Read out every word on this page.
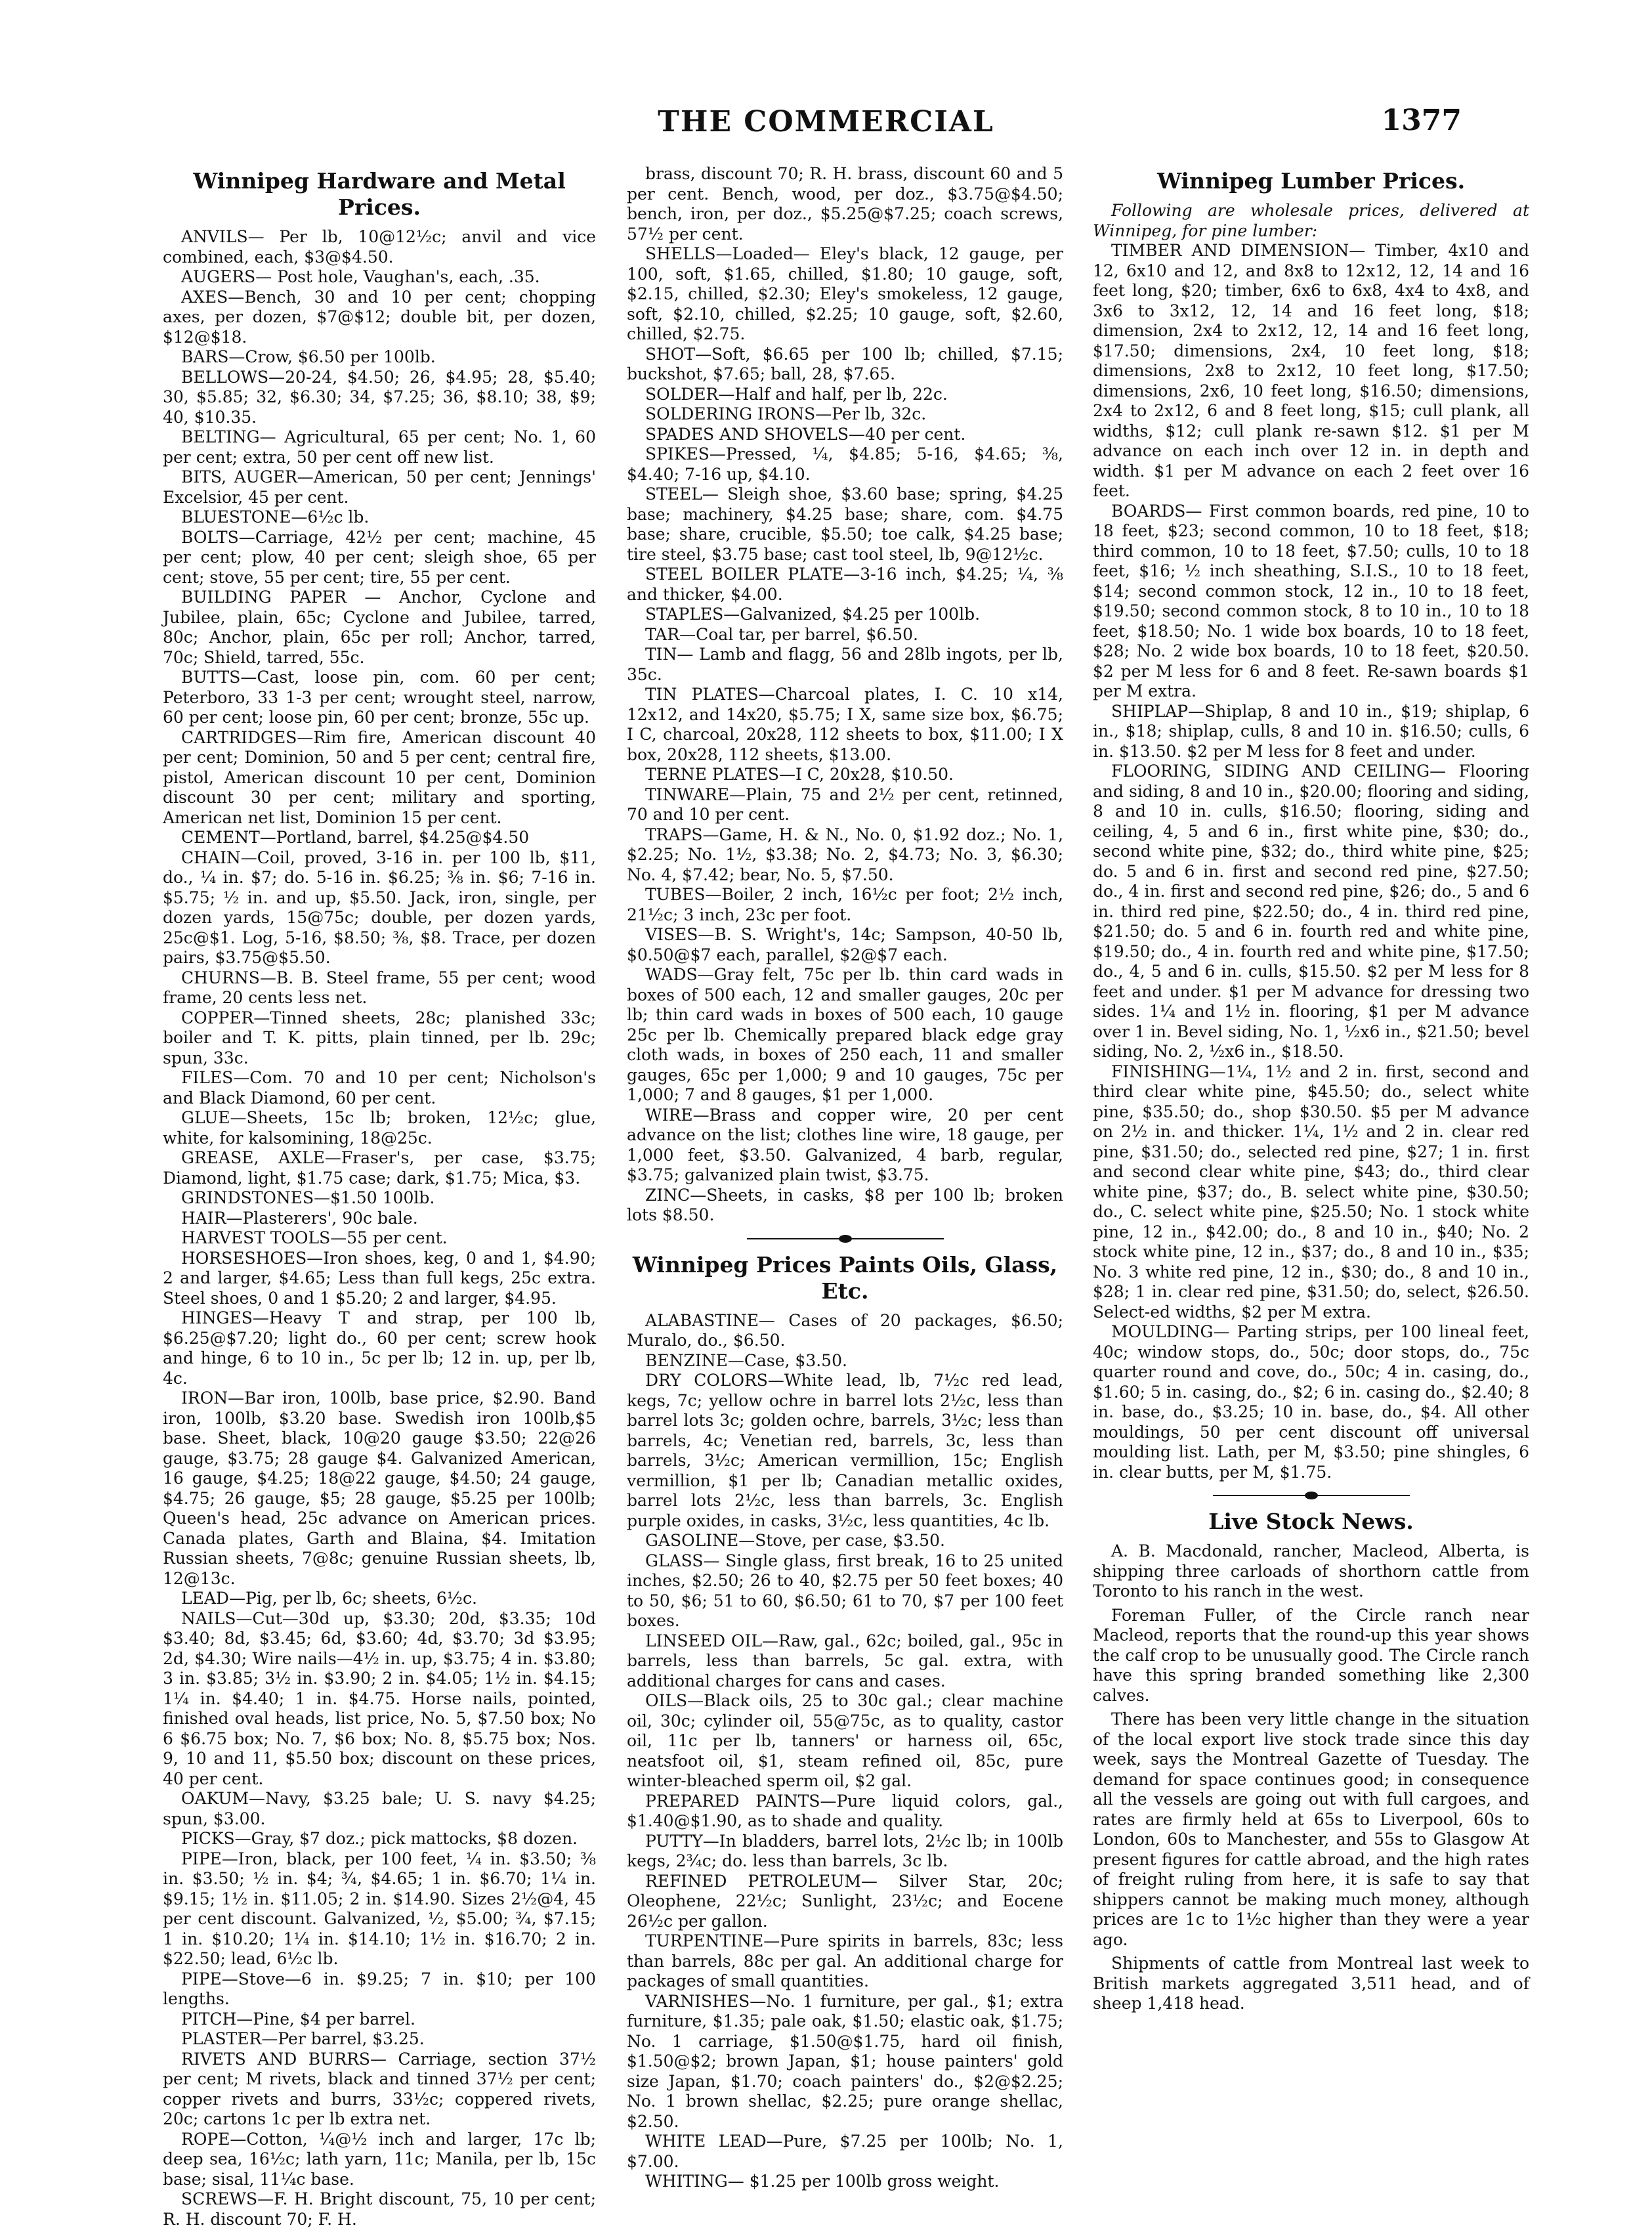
THE COMMERCIAL	1377
Winnipeg Hardware and Metal Prices.

ANVILS— Per lb, 10@12½c; anvil and vice combined, each, $3@$4.50.

AUGERS— Post hole, Vaughan's, each, .35.

AXES—Bench, 30 and 10 per cent; chopping axes, per dozen, $7@$12; double bit, per dozen, $12@$18.

BARS—Crow, $6.50 per 100lb.

BELLOWS—20-24, $4.50; 26, $4.95; 28, $5.40; 30, $5.85; 32, $6.30; 34, $7.25; 36, $8.10; 38, $9; 40, $10.35.

BELTING— Agricultural, 65 per cent; No. 1, 60 per cent; extra, 50 per cent off new list.

BITS, AUGER—American, 50 per cent; Jennings' Excelsior, 45 per cent.

BLUESTONE—6½c lb.

BOLTS—Carriage, 42½ per cent; machine, 45 per cent; plow, 40 per cent; sleigh shoe, 65 per cent; stove, 55 per cent; tire, 55 per cent.

BUILDING PAPER — Anchor, Cyclone and Jubilee, plain, 65c; Cyclone and Jubilee, tarred, 80c; Anchor, plain, 65c per roll; Anchor, tarred, 70c; Shield, tarred, 55c.

BUTTS—Cast, loose pin, com. 60 per cent; Peterboro, 33 1-3 per cent; wrought steel, narrow, 60 per cent; loose pin, 60 per cent; bronze, 55c up.

CARTRIDGES—Rim fire, American discount 40 per cent; Dominion, 50 and 5 per cent; central fire, pistol, American discount 10 per cent, Dominion discount 30 per cent; military and sporting, American net list, Dominion 15 per cent.

CEMENT—Portland, barrel, $4.25@$4.50

CHAIN—Coil, proved, 3-16 in. per 100 lb, $11, do., ¼ in. $7; do. 5-16 in. $6.25; ⅜ in. $6; 7-16 in. $5.75; ½ in. and up, $5.50. Jack, iron, single, per dozen yards, 15@75c; double, per dozen yards, 25c@$1. Log, 5-16, $8.50; ⅜, $8. Trace, per dozen pairs, $3.75@$5.50.

CHURNS—B. B. Steel frame, 55 per cent; wood frame, 20 cents less net.

COPPER—Tinned sheets, 28c; planished 33c; boiler and T. K. pitts, plain tinned, per lb. 29c; spun, 33c.

FILES—Com. 70 and 10 per cent; Nicholson's and Black Diamond, 60 per cent.

GLUE—Sheets, 15c lb; broken, 12½c; glue, white, for kalsomining, 18@25c.

GREASE, AXLE—Fraser's, per case, $3.75; Diamond, light, $1.75 case; dark, $1.75; Mica, $3.

GRINDSTONES—$1.50 100lb.

HAIR—Plasterers', 90c bale.

HARVEST TOOLS—55 per cent.

HORSESHOES—Iron shoes, keg, 0 and 1, $4.90; 2 and larger, $4.65; Less than full kegs, 25c extra. Steel shoes, 0 and 1 $5.20; 2 and larger, $4.95.

HINGES—Heavy T and strap, per 100 lb, $6.25@$7.20; light do., 60 per cent; screw hook and hinge, 6 to 10 in., 5c per lb; 12 in. up, per lb, 4c.

IRON—Bar iron, 100lb, base price, $2.90. Band iron, 100lb, $3.20 base. Swedish iron 100lb,$5 base. Sheet, black, 10@20 gauge $3.50; 22@26 gauge, $3.75; 28 gauge $4. Galvanized American, 16 gauge, $4.25; 18@22 gauge, $4.50; 24 gauge, $4.75; 26 gauge, $5; 28 gauge, $5.25 per 100lb; Queen's head, 25c advance on American prices. Canada plates, Garth and Blaina, $4. Imitation Russian sheets, 7@8c; genuine Russian sheets, lb, 12@13c.

LEAD—Pig, per lb, 6c; sheets, 6½c.

NAILS—Cut—30d up, $3.30; 20d, $3.35; 10d $3.40; 8d, $3.45; 6d, $3.60; 4d, $3.70; 3d $3.95; 2d, $4.30; Wire nails—4½ in. up, $3.75; 4 in. $3.80; 3 in. $3.85; 3½ in. $3.90; 2 in. $4.05; 1½ in. $4.15; 1¼ in. $4.40; 1 in. $4.75. Horse nails, pointed, finished oval heads, list price, No. 5, $7.50 box; No 6 $6.75 box; No. 7, $6 box; No. 8, $5.75 box; Nos. 9, 10 and 11, $5.50 box; discount on these prices, 40 per cent.

OAKUM—Navy, $3.25 bale; U. S. navy $4.25; spun, $3.00.

PICKS—Gray, $7 doz.; pick mattocks, $8 dozen.

PIPE—Iron, black, per 100 feet, ¼ in. $3.50; ⅜ in. $3.50; ½ in. $4; ¾, $4.65; 1 in. $6.70; 1¼ in. $9.15; 1½ in. $11.05; 2 in. $14.90. Sizes 2½@4, 45 per cent discount. Galvanized, ½, $5.00; ¾, $7.15; 1 in. $10.20; 1¼ in. $14.10; 1½ in. $16.70; 2 in. $22.50; lead, 6½c lb.

PIPE—Stove—6 in. $9.25; 7 in. $10; per 100 lengths.

PITCH—Pine, $4 per barrel.

PLASTER—Per barrel, $3.25.

RIVETS AND BURRS— Carriage, section 37½ per cent; M rivets, black and tinned 37½ per cent; copper rivets and burrs, 33½c; coppered rivets, 20c; cartons 1c per lb extra net.

ROPE—Cotton, ¼@½ inch and larger, 17c lb; deep sea, 16½c; lath yarn, 11c; Manila, per lb, 15c base; sisal, 11¼c base.

SCREWS—F. H. Bright discount, 75, 10 per cent; R. H. discount 70; F. H.

brass, discount 70; R. H. brass, discount 60 and 5 per cent. Bench, wood, per doz., $3.75@$4.50; bench, iron, per doz., $5.25@$7.25; coach screws, 57½ per cent.

SHELLS—Loaded— Eley's black, 12 gauge, per 100, soft, $1.65, chilled, $1.80; 10 gauge, soft, $2.15, chilled, $2.30; Eley's smokeless, 12 gauge, soft, $2.10, chilled, $2.25; 10 gauge, soft, $2.60, chilled, $2.75.

SHOT—Soft, $6.65 per 100 lb; chilled, $7.15; buckshot, $7.65; ball, 28, $7.65.

SOLDER—Half and half, per lb, 22c.

SOLDERING IRONS—Per lb, 32c.

SPADES AND SHOVELS—40 per cent.

SPIKES—Pressed, ¼, $4.85; 5-16, $4.65; ⅜, $4.40; 7-16 up, $4.10.

STEEL— Sleigh shoe, $3.60 base; spring, $4.25 base; machinery, $4.25 base; share, com. $4.75 base; share, crucible, $5.50; toe calk, $4.25 base; tire steel, $3.75 base; cast tool steel, lb, 9@12½c.

STEEL BOILER PLATE—3-16 inch, $4.25; ¼, ⅜ and thicker, $4.00.

STAPLES—Galvanized, $4.25 per 100lb.

TAR—Coal tar, per barrel, $6.50.

TIN— Lamb and flagg, 56 and 28lb ingots, per lb, 35c.

TIN PLATES—Charcoal plates, I. C. 10 x14, 12x12, and 14x20, $5.75; I X, same size box, $6.75; I C, charcoal, 20x28, 112 sheets to box, $11.00; I X box, 20x28, 112 sheets, $13.00.

TERNE PLATES—I C, 20x28, $10.50.

TINWARE—Plain, 75 and 2½ per cent, retinned, 70 and 10 per cent.

TRAPS—Game, H. & N., No. 0, $1.92 doz.; No. 1, $2.25; No. 1½, $3.38; No. 2, $4.73; No. 3, $6.30; No. 4, $7.42; bear, No. 5, $7.50.

TUBES—Boiler, 2 inch, 16½c per foot; 2½ inch, 21½c; 3 inch, 23c per foot.

VISES—B. S. Wright's, 14c; Sampson, 40-50 lb, $0.50@$7 each, parallel, $2@$7 each.

WADS—Gray felt, 75c per lb. thin card wads in boxes of 500 each, 12 and smaller gauges, 20c per lb; thin card wads in boxes of 500 each, 10 gauge 25c per lb. Chemically prepared black edge gray cloth wads, in boxes of 250 each, 11 and smaller gauges, 65c per 1,000; 9 and 10 gauges, 75c per 1,000; 7 and 8 gauges, $1 per 1,000.

WIRE—Brass and copper wire, 20 per cent advance on the list; clothes line wire, 18 gauge, per 1,000 feet, $3.50. Galvanized, 4 barb, regular, $3.75; galvanized plain twist, $3.75.

ZINC—Sheets, in casks, $8 per 100 lb; broken lots $8.50.

Winnipeg Prices Paints Oils, Glass, Etc.

ALABASTINE— Cases of 20 packages, $6.50; Muralo, do., $6.50.

BENZINE—Case, $3.50.

DRY COLORS—White lead, lb, 7½c red lead, kegs, 7c; yellow ochre in barrel lots 2½c, less than barrel lots 3c; golden ochre, barrels, 3½c; less than barrels, 4c; Venetian red, barrels, 3c, less than barrels, 3½c; American vermillion, 15c; English vermillion, $1 per lb; Canadian metallic oxides, barrel lots 2½c, less than barrels, 3c. English purple oxides, in casks, 3½c, less quantities, 4c lb.

GASOLINE—Stove, per case, $3.50.

GLASS— Single glass, first break, 16 to 25 united inches, $2.50; 26 to 40, $2.75 per 50 feet boxes; 40 to 50, $6; 51 to 60, $6.50; 61 to 70, $7 per 100 feet boxes.

LINSEED OIL—Raw, gal., 62c; boiled, gal., 95c in barrels, less than barrels, 5c gal. extra, with additional charges for cans and cases.

OILS—Black oils, 25 to 30c gal.; clear machine oil, 30c; cylinder oil, 55@75c, as to quality, castor oil, 11c per lb, tanners' or harness oil, 65c, neatsfoot oil, $1, steam refined oil, 85c, pure winter-bleached sperm oil, $2 gal.

PREPARED PAINTS—Pure liquid colors, gal., $1.40@$1.90, as to shade and quality.

PUTTY—In bladders, barrel lots, 2½c lb; in 100lb kegs, 2¾c; do. less than barrels, 3c lb.

REFINED PETROLEUM— Silver Star, 20c; Oleophene, 22½c; Sunlight, 23½c; and Eocene 26½c per gallon.

TURPENTINE—Pure spirits in barrels, 83c; less than barrels, 88c per gal. An additional charge for packages of small quantities.

VARNISHES—No. 1 furniture, per gal., $1; extra furniture, $1.35; pale oak, $1.50; elastic oak, $1.75; No. 1 carriage, $1.50@$1.75, hard oil finish, $1.50@$2; brown Japan, $1; house painters' gold size Japan, $1.70; coach painters' do., $2@$2.25; No. 1 brown shellac, $2.25; pure orange shellac, $2.50.

WHITE LEAD—Pure, $7.25 per 100lb; No. 1, $7.00.

WHITING— $1.25 per 100lb gross weight.

Winnipeg Lumber Prices.

Following are wholesale prices, delivered at Winnipeg, for pine lumber:

TIMBER AND DIMENSION— Timber, 4x10 and 12, 6x10 and 12, and 8x8 to 12x12, 12, 14 and 16 feet long, $20; timber, 6x6 to 6x8, 4x4 to 4x8, and 3x6 to 3x12, 12, 14 and 16 feet long, $18; dimension, 2x4 to 2x12, 12, 14 and 16 feet long, $17.50; dimensions, 2x4, 10 feet long, $18; dimensions, 2x8 to 2x12, 10 feet long, $17.50; dimensions, 2x6, 10 feet long, $16.50; dimensions, 2x4 to 2x12, 6 and 8 feet long, $15; cull plank, all widths, $12; cull plank re-sawn $12. $1 per M advance on each inch over 12 in. in depth and width. $1 per M advance on each 2 feet over 16 feet.

BOARDS— First common boards, red pine, 10 to 18 feet, $23; second common, 10 to 18 feet, $18; third common, 10 to 18 feet, $7.50; culls, 10 to 18 feet, $16; ½ inch sheathing, S.I.S., 10 to 18 feet, $14; second common stock, 12 in., 10 to 18 feet, $19.50; second common stock, 8 to 10 in., 10 to 18 feet, $18.50; No. 1 wide box boards, 10 to 18 feet, $28; No. 2 wide box boards, 10 to 18 feet, $20.50. $2 per M less for 6 and 8 feet. Re-sawn boards $1 per M extra.

SHIPLAP—Shiplap, 8 and 10 in., $19; shiplap, 6 in., $18; shiplap, culls, 8 and 10 in. $16.50; culls, 6 in. $13.50. $2 per M less for 8 feet and under.

FLOORING, SIDING AND CEILING— Flooring and siding, 8 and 10 in., $20.00; flooring and siding, 8 and 10 in. culls, $16.50; flooring, siding and ceiling, 4, 5 and 6 in., first white pine, $30; do., second white pine, $32; do., third white pine, $25; do. 5 and 6 in. first and second red pine, $27.50; do., 4 in. first and second red pine, $26; do., 5 and 6 in. third red pine, $22.50; do., 4 in. third red pine, $21.50; do. 5 and 6 in. fourth red and white pine, $19.50; do., 4 in. fourth red and white pine, $17.50; do., 4, 5 and 6 in. culls, $15.50. $2 per M less for 8 feet and under. $1 per M advance for dressing two sides. 1¼ and 1½ in. flooring, $1 per M advance over 1 in. Bevel siding, No. 1, ½x6 in., $21.50; bevel siding, No. 2, ½x6 in., $18.50.

FINISHING—1¼, 1½ and 2 in. first, second and third clear white pine, $45.50; do., select white pine, $35.50; do., shop $30.50. $5 per M advance on 2½ in. and thicker. 1¼, 1½ and 2 in. clear red pine, $31.50; do., selected red pine, $27; 1 in. first and second clear white pine, $43; do., third clear white pine, $37; do., B. select white pine, $30.50; do., C. select white pine, $25.50; No. 1 stock white pine, 12 in., $42.00; do., 8 and 10 in., $40; No. 2 stock white pine, 12 in., $37; do., 8 and 10 in., $35; No. 3 white red pine, 12 in., $30; do., 8 and 10 in., $28; 1 in. clear red pine, $31.50; do, select, $26.50. Select-ed widths, $2 per M extra.

MOULDING— Parting strips, per 100 lineal feet, 40c; window stops, do., 50c; door stops, do., 75c quarter round and cove, do., 50c; 4 in. casing, do., $1.60; 5 in. casing, do., $2; 6 in. casing do., $2.40; 8 in. base, do., $3.25; 10 in. base, do., $4. All other mouldings, 50 per cent discount off universal moulding list. Lath, per M, $3.50; pine shingles, 6 in. clear butts, per M, $1.75.

Live Stock News.

A. B. Macdonald, rancher, Macleod, Alberta, is shipping three carloads of shorthorn cattle from Toronto to his ranch in the west.

Foreman Fuller, of the Circle ranch near Macleod, reports that the round-up this year shows the calf crop to be unusually good. The Circle ranch have this spring branded something like 2,300 calves.

There has been very little change in the situation of the local export live stock trade since this day week, says the Montreal Gazette of Tuesday. The demand for space continues good; in consequence all the vessels are going out with full cargoes, and rates are firmly held at 65s to Liverpool, 60s to London, 60s to Manchester, and 55s to Glasgow At present figures for cattle abroad, and the high rates of freight ruling from here, it is safe to say that shippers cannot be making much money, although prices are 1c to 1½c higher than they were a year ago.

Shipments of cattle from Montreal last week to British markets aggregated 3,511 head, and of sheep 1,418 head.
